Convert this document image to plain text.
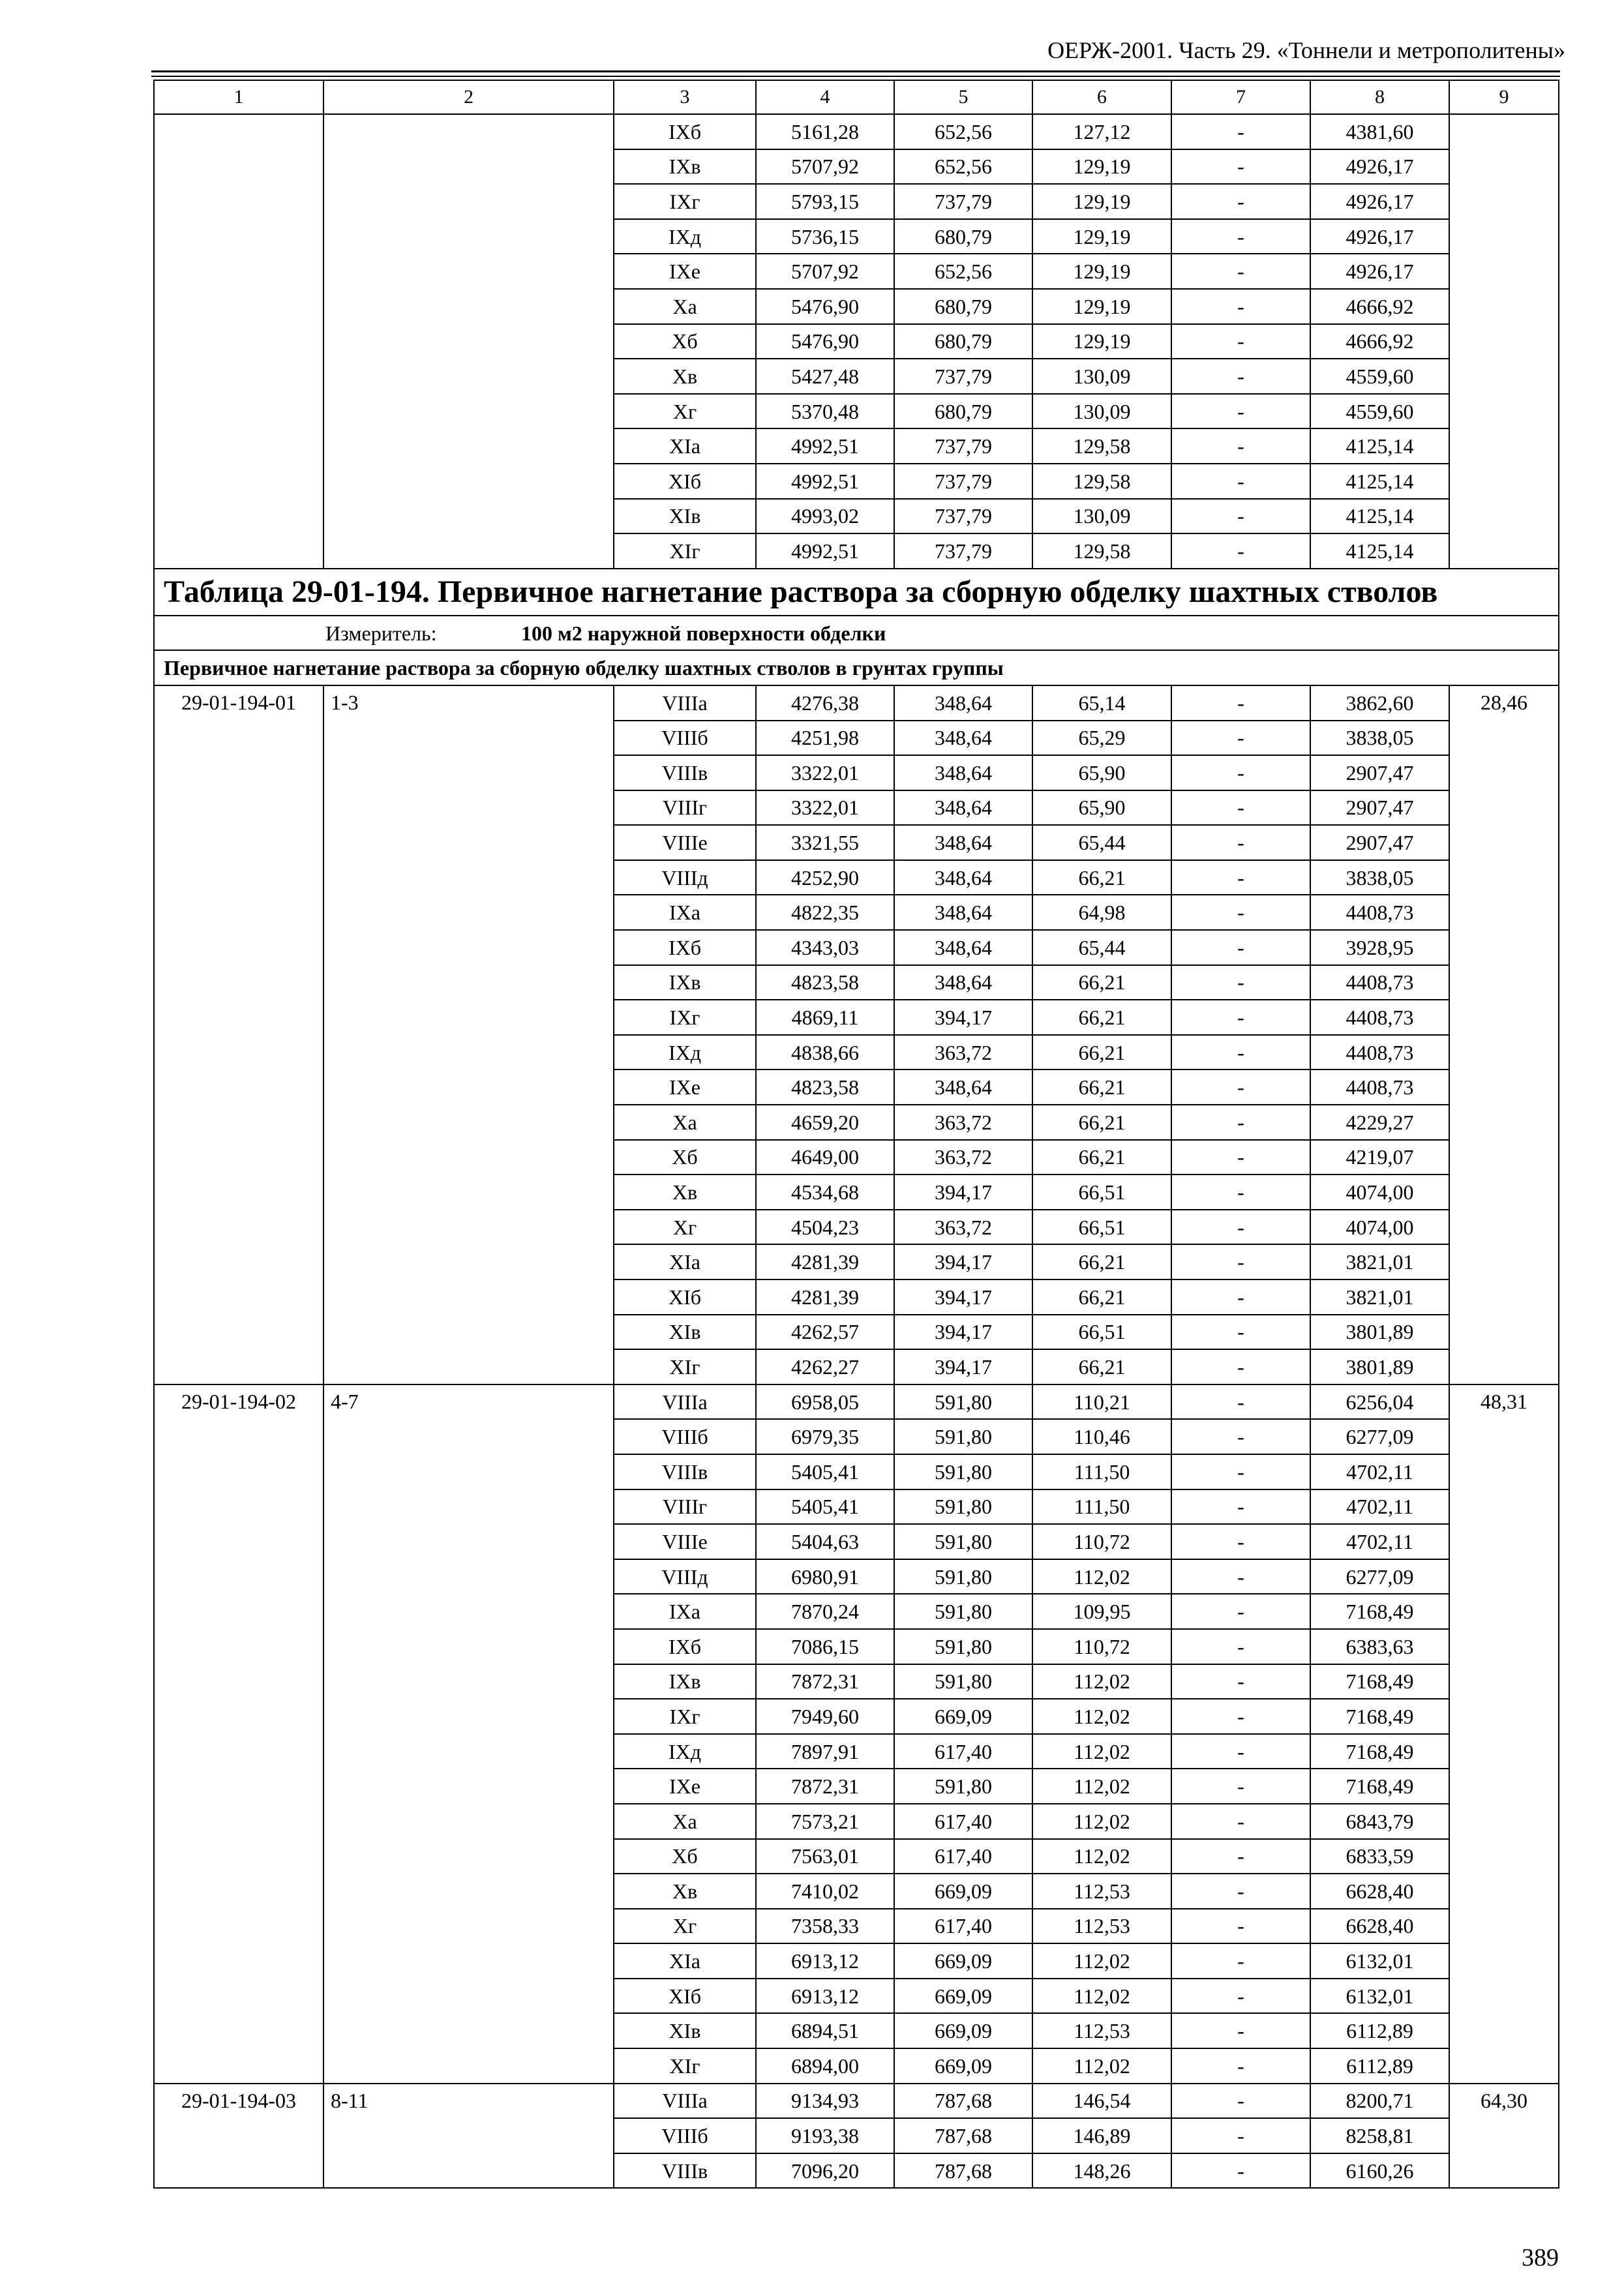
ОЕРЖ-2001. Часть 29. «Тоннели и метрополитены»
1	2	3	4	5	6	7	8	9
		IXб	5161,28	652,56	127,12	-	4381,60	
		IXв	5707,92	652,56	129,19	-	4926,17	
		IXг	5793,15	737,79	129,19	-	4926,17	
		IXд	5736,15	680,79	129,19	-	4926,17	
		IXе	5707,92	652,56	129,19	-	4926,17	
		Xа	5476,90	680,79	129,19	-	4666,92	
		Xб	5476,90	680,79	129,19	-	4666,92	
		Xв	5427,48	737,79	130,09	-	4559,60	
		Xг	5370,48	680,79	130,09	-	4559,60	
		XIа	4992,51	737,79	129,58	-	4125,14	
		XIб	4992,51	737,79	129,58	-	4125,14	
		XIв	4993,02	737,79	130,09	-	4125,14	
		XIг	4992,51	737,79	129,58	-	4125,14	
Таблица 29-01-194. Первичное нагнетание раствора за сборную обделку шахтных стволов								
Измеритель: 100 м2 наружной поверхности обделки								
Первичное нагнетание раствора за сборную обделку шахтных стволов в грунтах группы								
29-01-194-01	1-3	VIIIа	4276,38	348,64	65,14	-	3862,60	28,46
		VIIIб	4251,98	348,64	65,29	-	3838,05	
		VIIIв	3322,01	348,64	65,90	-	2907,47	
		VIIIг	3322,01	348,64	65,90	-	2907,47	
		VIIIе	3321,55	348,64	65,44	-	2907,47	
		VIIIд	4252,90	348,64	66,21	-	3838,05	
		IXа	4822,35	348,64	64,98	-	4408,73	
		IXб	4343,03	348,64	65,44	-	3928,95	
		IXв	4823,58	348,64	66,21	-	4408,73	
		IXг	4869,11	394,17	66,21	-	4408,73	
		IXд	4838,66	363,72	66,21	-	4408,73	
		IXе	4823,58	348,64	66,21	-	4408,73	
		Xа	4659,20	363,72	66,21	-	4229,27	
		Xб	4649,00	363,72	66,21	-	4219,07	
		Xв	4534,68	394,17	66,51	-	4074,00	
		Xг	4504,23	363,72	66,51	-	4074,00	
		XIа	4281,39	394,17	66,21	-	3821,01	
		XIб	4281,39	394,17	66,21	-	3821,01	
		XIв	4262,57	394,17	66,51	-	3801,89	
		XIг	4262,27	394,17	66,21	-	3801,89	
29-01-194-02	4-7	VIIIа	6958,05	591,80	110,21	-	6256,04	48,31
		VIIIб	6979,35	591,80	110,46	-	6277,09	
		VIIIв	5405,41	591,80	111,50	-	4702,11	
		VIIIг	5405,41	591,80	111,50	-	4702,11	
		VIIIе	5404,63	591,80	110,72	-	4702,11	
		VIIIд	6980,91	591,80	112,02	-	6277,09	
		IXа	7870,24	591,80	109,95	-	7168,49	
		IXб	7086,15	591,80	110,72	-	6383,63	
		IXв	7872,31	591,80	112,02	-	7168,49	
		IXг	7949,60	669,09	112,02	-	7168,49	
		IXд	7897,91	617,40	112,02	-	7168,49	
		IXе	7872,31	591,80	112,02	-	7168,49	
		Xа	7573,21	617,40	112,02	-	6843,79	
		Xб	7563,01	617,40	112,02	-	6833,59	
		Xв	7410,02	669,09	112,53	-	6628,40	
		Xг	7358,33	617,40	112,53	-	6628,40	
		XIа	6913,12	669,09	112,02	-	6132,01	
		XIб	6913,12	669,09	112,02	-	6132,01	
		XIв	6894,51	669,09	112,53	-	6112,89	
		XIг	6894,00	669,09	112,02	-	6112,89	
29-01-194-03	8-11	VIIIа	9134,93	787,68	146,54	-	8200,71	64,30
		VIIIб	9193,38	787,68	146,89	-	8258,81	
		VIIIв	7096,20	787,68	148,26	-	6160,26	
389
